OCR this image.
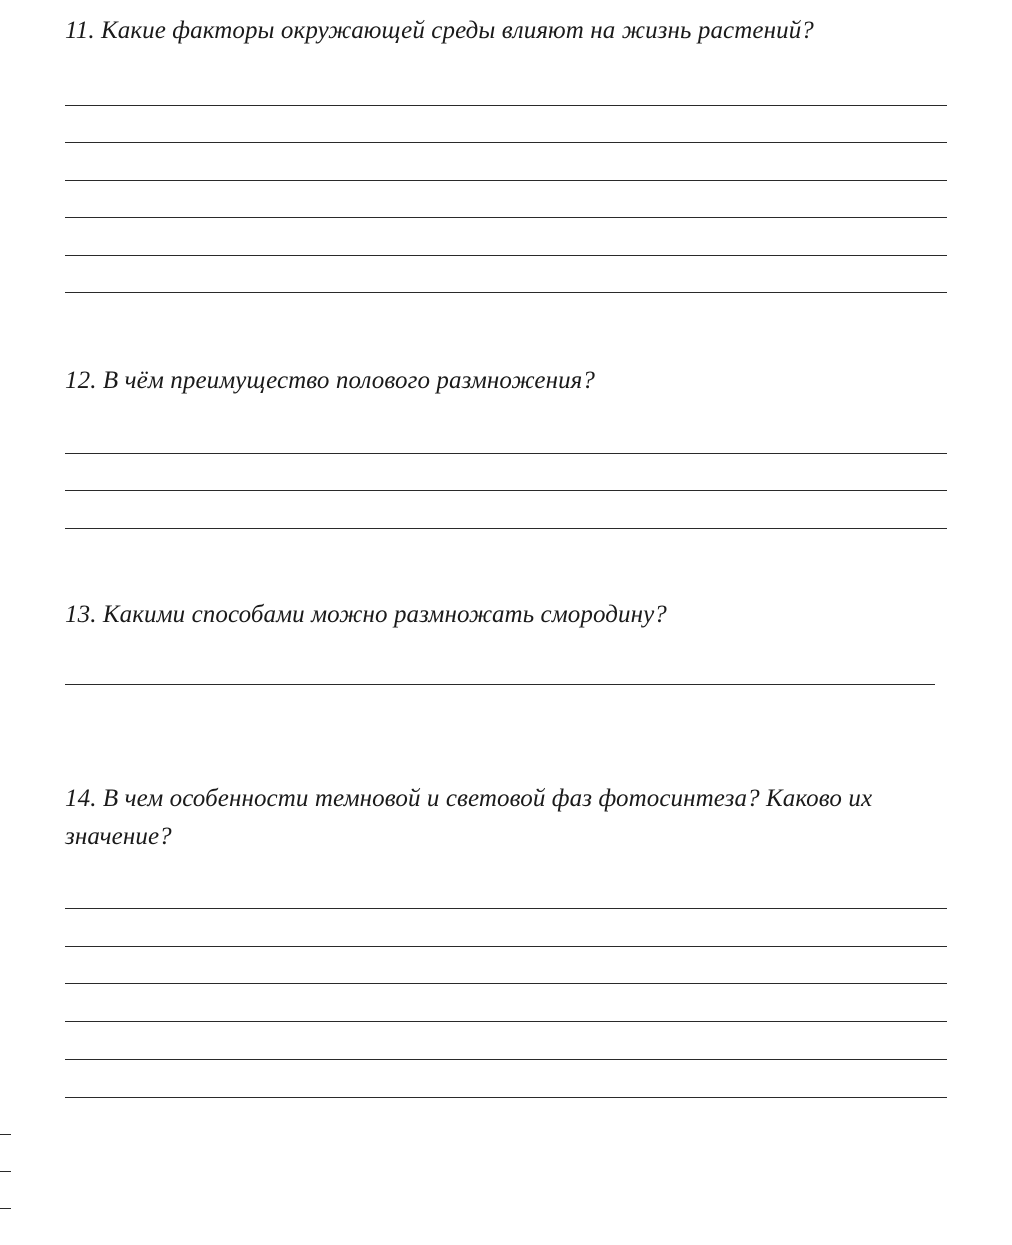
11. Какие факторы окружающей среды влияют на жизнь растений?

12. В чём преимущество полового размножения?

13. Какими способами можно размножать смородину?

14. В чем особенности темновой и световой фаз фотосинтеза? Каково их значение?
